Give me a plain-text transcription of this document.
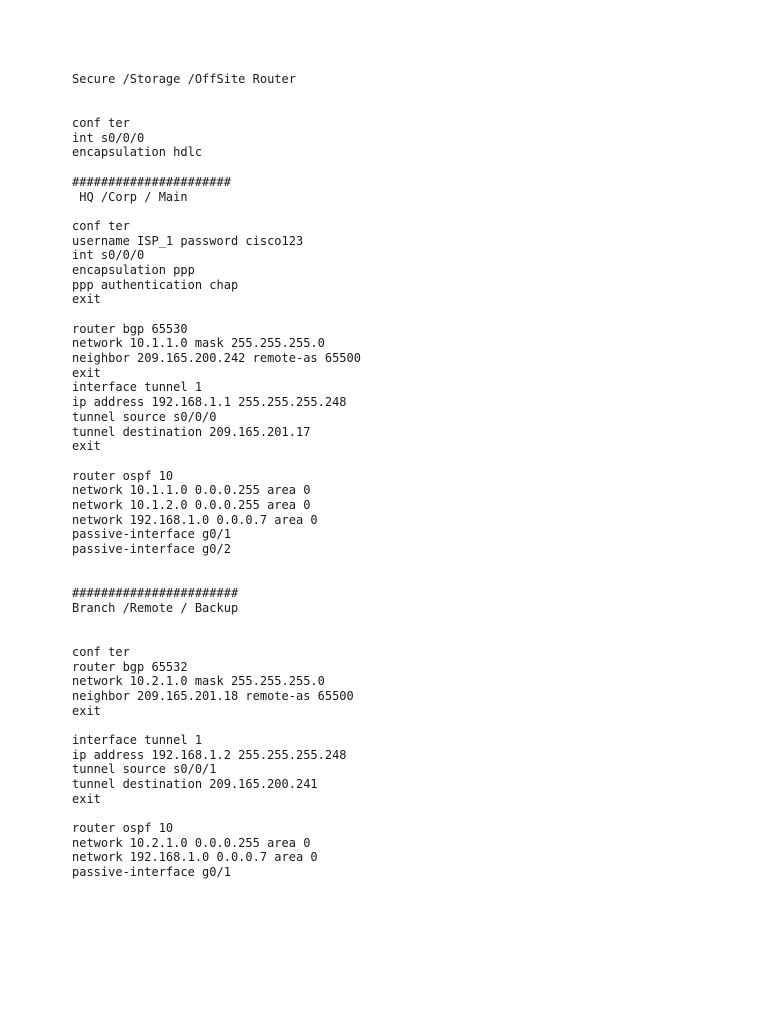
Secure /Storage /OffSite Router
conf ter
int s0/0/0
encapsulation hdlc
######################
HQ /Corp / Main
conf ter
username ISP_1 password cisco123
int s0/0/0
encapsulation ppp
ppp authentication chap
exit
router bgp 65530
network 10.1.1.0 mask 255.255.255.0
neighbor 209.165.200.242 remote-as 65500
exit
interface tunnel 1
ip address 192.168.1.1 255.255.255.248
tunnel source s0/0/0
tunnel destination 209.165.201.17
exit
router ospf 10
network 10.1.1.0 0.0.0.255 area 0
network 10.1.2.0 0.0.0.255 area 0
network 192.168.1.0 0.0.0.7 area 0
passive-interface g0/1
passive-interface g0/2
#######################
Branch /Remote / Backup
conf ter
router bgp 65532
network 10.2.1.0 mask 255.255.255.0
neighbor 209.165.201.18 remote-as 65500
exit
interface tunnel 1
ip address 192.168.1.2 255.255.255.248
tunnel source s0/0/1
tunnel destination 209.165.200.241
exit
router ospf 10
network 10.2.1.0 0.0.0.255 area 0
network 192.168.1.0 0.0.0.7 area 0
passive-interface g0/1
